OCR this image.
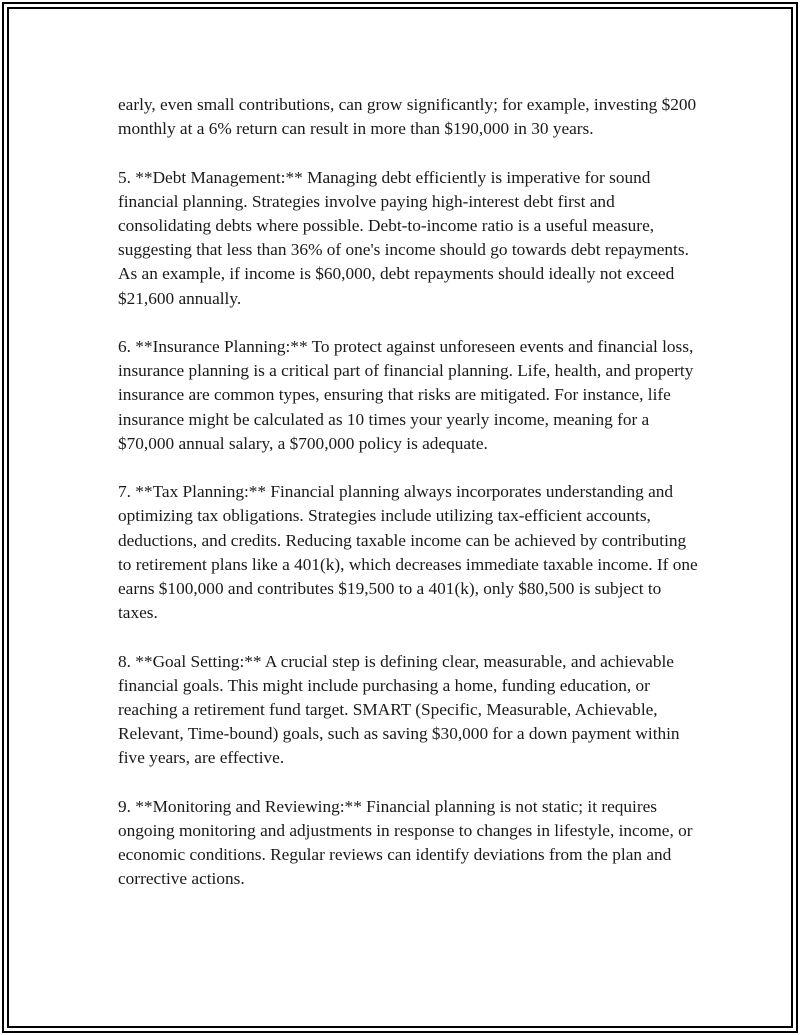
early, even small contributions, can grow significantly; for example, investing $200 monthly at a 6% return can result in more than $190,000 in 30 years.

5. **Debt Management:** Managing debt efficiently is imperative for sound financial planning. Strategies involve paying high-interest debt first and consolidating debts where possible. Debt-to-income ratio is a useful measure, suggesting that less than 36% of one's income should go towards debt repayments. As an example, if income is $60,000, debt repayments should ideally not exceed $21,600 annually.

6. **Insurance Planning:** To protect against unforeseen events and financial loss, insurance planning is a critical part of financial planning. Life, health, and property insurance are common types, ensuring that risks are mitigated. For instance, life insurance might be calculated as 10 times your yearly income, meaning for a $70,000 annual salary, a $700,000 policy is adequate.

7. **Tax Planning:** Financial planning always incorporates understanding and optimizing tax obligations. Strategies include utilizing tax-efficient accounts, deductions, and credits. Reducing taxable income can be achieved by contributing to retirement plans like a 401(k), which decreases immediate taxable income. If one earns $100,000 and contributes $19,500 to a 401(k), only $80,500 is subject to taxes.

8. **Goal Setting:** A crucial step is defining clear, measurable, and achievable financial goals. This might include purchasing a home, funding education, or reaching a retirement fund target. SMART (Specific, Measurable, Achievable, Relevant, Time-bound) goals, such as saving $30,000 for a down payment within five years, are effective.

9. **Monitoring and Reviewing:** Financial planning is not static; it requires ongoing monitoring and adjustments in response to changes in lifestyle, income, or economic conditions. Regular reviews can identify deviations from the plan and corrective actions.
